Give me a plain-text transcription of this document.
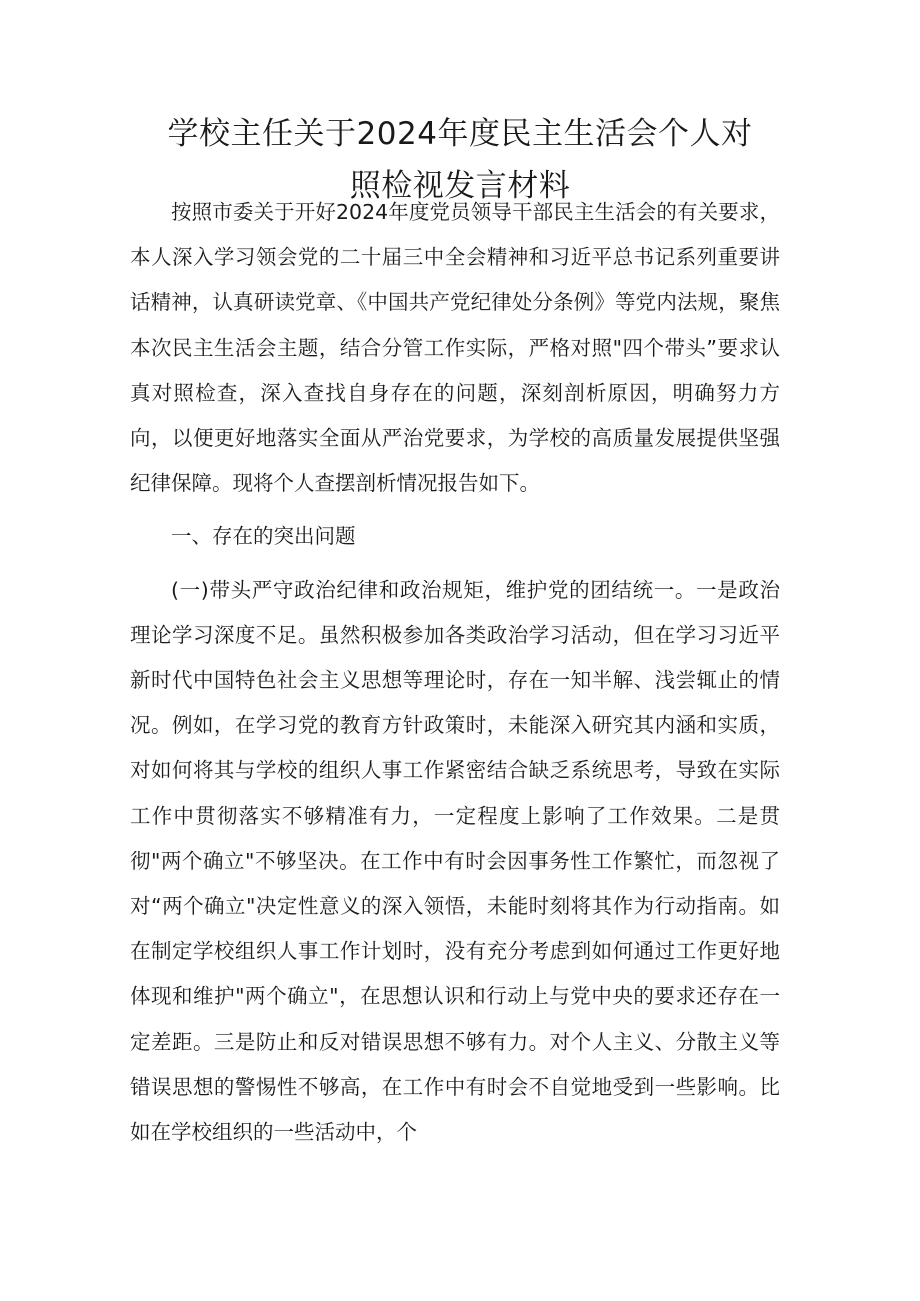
学校主任关于2024年度民主生活会个人对
照检视发言材料

按照市委关于开好2024年度党员领导干部民主生活会的有关要求，本人深入学习领会党的二十届三中全会精神和习近平总书记系列重要讲话精神，认真研读党章、《中国共产党纪律处分条例》等党内法规，聚焦本次民主生活会主题，结合分管工作实际，严格对照"四个带头”要求认真对照检查，深入查找自身存在的问题，深刻剖析原因，明确努力方向，以便更好地落实全面从严治党要求，为学校的高质量发展提供坚强纪律保障。现将个人查摆剖析情况报告如下。

一、存在的突出问题

(一)带头严守政治纪律和政治规矩，维护党的团结统一。一是政治理论学习深度不足。虽然积极参加各类政治学习活动，但在学习习近平新时代中国特色社会主义思想等理论时，存在一知半解、浅尝辄止的情况。例如，在学习党的教育方针政策时，未能深入研究其内涵和实质，对如何将其与学校的组织人事工作紧密结合缺乏系统思考，导致在实际工作中贯彻落实不够精准有力，一定程度上影响了工作效果。二是贯彻"两个确立"不够坚决。在工作中有时会因事务性工作繁忙，而忽视了对“两个确立"决定性意义的深入领悟，未能时刻将其作为行动指南。如在制定学校组织人事工作计划时，没有充分考虑到如何通过工作更好地体现和维护"两个确立"，在思想认识和行动上与党中央的要求还存在一定差距。三是防止和反对错误思想不够有力。对个人主义、分散主义等错误思想的警惕性不够高，在工作中有时会不自觉地受到一些影响。比如在学校组织的一些活动中，个
